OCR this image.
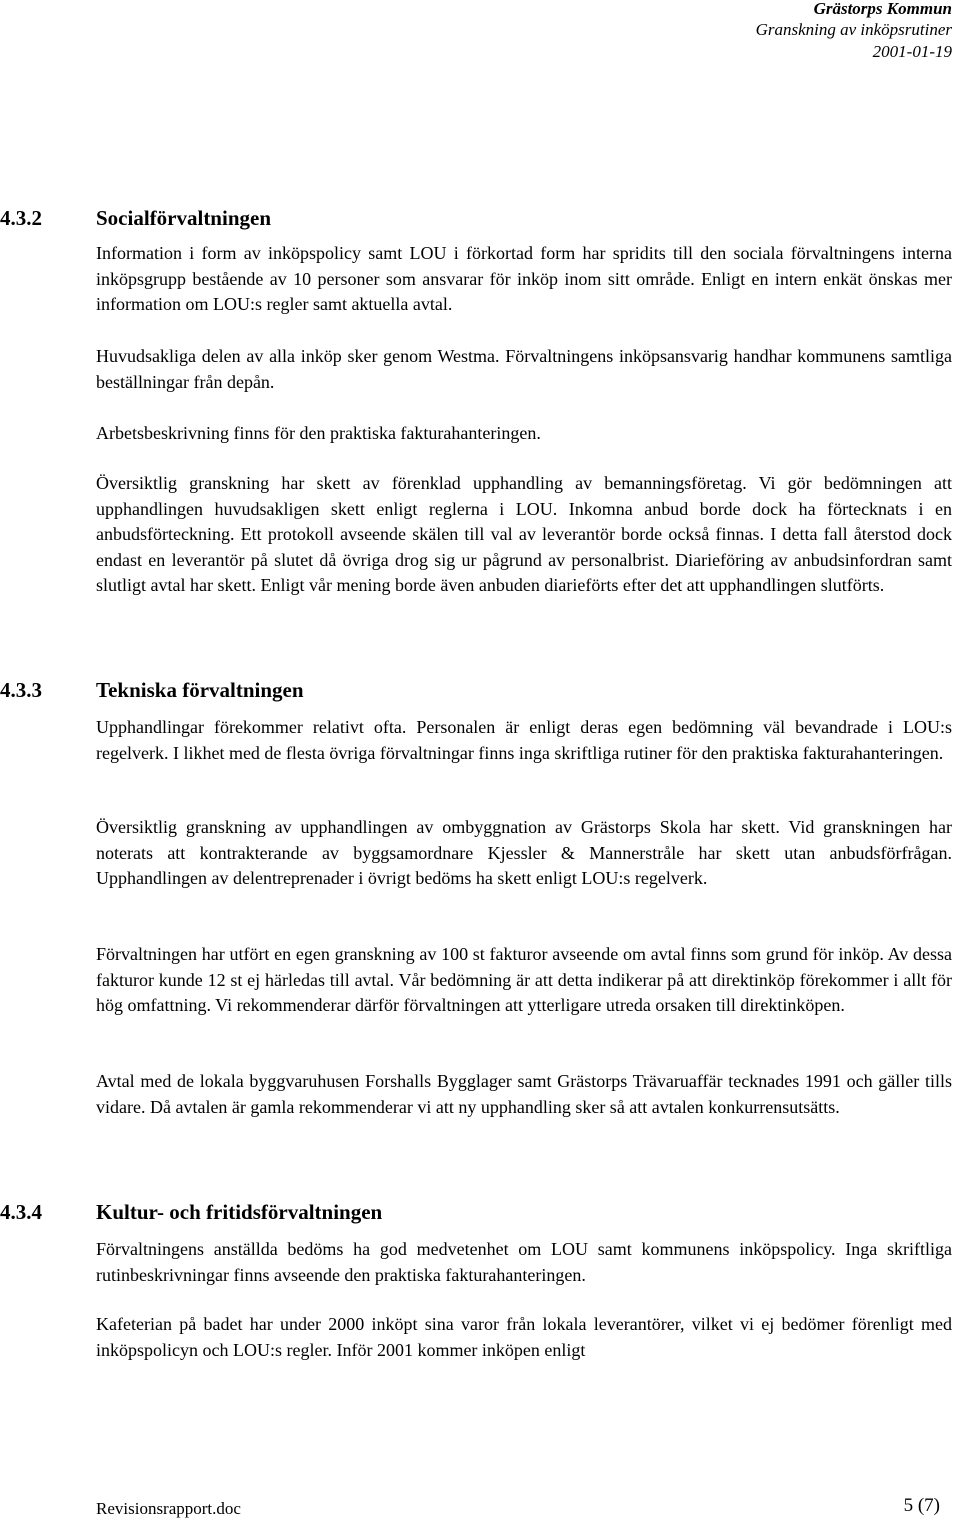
Grästorps Kommun
Granskning av inköpsrutiner
2001-01-19
4.3.2	Socialförvaltningen

Information i form av inköpspolicy samt LOU i förkortad form har spridits till den sociala förvaltningens interna inköpsgrupp bestående av 10 personer som ansvarar för inköp inom sitt område. Enligt en intern enkät önskas mer information om LOU:s regler samt aktuella avtal.

Huvudsakliga delen av alla inköp sker genom Westma. Förvaltningens inköpsansvarig handhar kommunens samtliga beställningar från depån.

Arbetsbeskrivning finns för den praktiska fakturahanteringen.

Översiktlig granskning har skett av förenklad upphandling av bemanningsföretag. Vi gör bedömningen att upphandlingen huvudsakligen skett enligt reglerna i LOU. Inkomna anbud borde dock ha förtecknats i en anbudsförteckning. Ett protokoll avseende skälen till val av leverantör borde också finnas. I detta fall återstod dock endast en leverantör på slutet då övriga drog sig ur pågrund av personalbrist. Diarieföring av anbudsinfordran samt slutligt avtal har skett. Enligt vår mening borde även anbuden diarieförts efter det att upphandlingen slutförts.

4.3.3	Tekniska förvaltningen

Upphandlingar förekommer relativt ofta. Personalen är enligt deras egen bedömning väl bevandrade i LOU:s regelverk. I likhet med de flesta övriga förvaltningar finns inga skriftliga rutiner för den praktiska fakturahanteringen.

Översiktlig granskning av upphandlingen av ombyggnation av Grästorps Skola har skett. Vid granskningen har noterats att kontrakterande av byggsamordnare Kjessler & Mannerstråle har skett utan anbudsförfrågan. Upphandlingen av delentreprenader i övrigt bedöms ha skett enligt LOU:s regelverk.

Förvaltningen har utfört en egen granskning av 100 st fakturor avseende om avtal finns som grund för inköp. Av dessa fakturor kunde 12 st ej härledas till avtal. Vår bedömning är att detta indikerar på att direktinköp förekommer i allt för hög omfattning. Vi rekommenderar därför förvaltningen att ytterligare utreda orsaken till direktinköpen.

Avtal med de lokala byggvaruhusen Forshalls Bygglager samt Grästorps Trävaruaffär tecknades 1991 och gäller tills vidare. Då avtalen är gamla rekommenderar vi att ny upphandling sker så att avtalen konkurrensutsätts.

4.3.4	Kultur- och fritidsförvaltningen

Förvaltningens anställda bedöms ha god medvetenhet om LOU samt kommunens inköpspolicy. Inga skriftliga rutinbeskrivningar finns avseende den praktiska fakturahanteringen.

Kafeterian på badet har under 2000 inköpt sina varor från lokala leverantörer, vilket vi ej bedömer förenligt med inköpspolicyn och LOU:s regler. Inför 2001 kommer inköpen enligt

Revisionsrapport.doc	5 (7)
